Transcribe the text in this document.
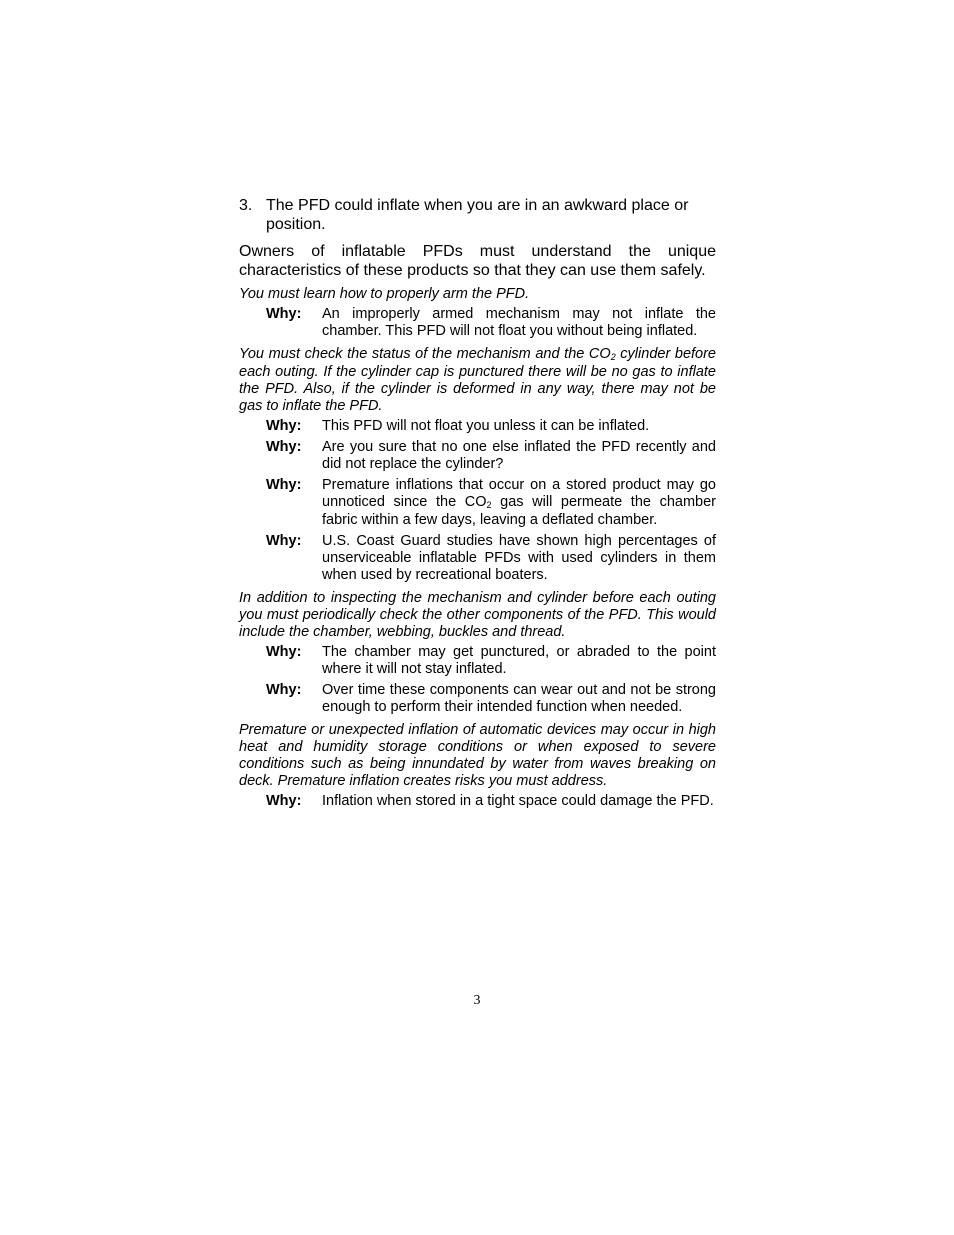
3. The PFD could inflate when you are in an awkward place or position.

Owners of inflatable PFDs must understand the unique characteristics of these products so that they can use them safely.

You must learn how to properly arm the PFD.

Why:	An improperly armed mechanism may not inflate the chamber. This PFD will not float you without being inflated.

You must check the status of the mechanism and the $CO_2$ cylinder before each outing. If the cylinder cap is punctured there will be no gas to inflate the PFD. Also, if the cylinder is deformed in any way, there may not be gas to inflate the PFD.

Why:	This PFD will not float you unless it can be inflated.
Why:	Are you sure that no one else inflated the PFD recently and did not replace the cylinder?
Why:	Premature inflations that occur on a stored product may go unnoticed since the $CO_2$ gas will permeate the chamber fabric within a few days, leaving a deflated chamber.
Why:	U.S. Coast Guard studies have shown high percentages of unserviceable inflatable PFDs with used cylinders in them when used by recreational boaters.

In addition to inspecting the mechanism and cylinder before each outing you must periodically check the other components of the PFD. This would include the chamber, webbing, buckles and thread.

Why:	The chamber may get punctured, or abraded to the point where it will not stay inflated.
Why:	Over time these components can wear out and not be strong enough to perform their intended function when needed.

Premature or unexpected inflation of automatic devices may occur in high heat and humidity storage conditions or when exposed to severe conditions such as being innundated by water from waves breaking on deck. Premature inflation creates risks you must address.

Why:	Inflation when stored in a tight space could damage the PFD.
3
